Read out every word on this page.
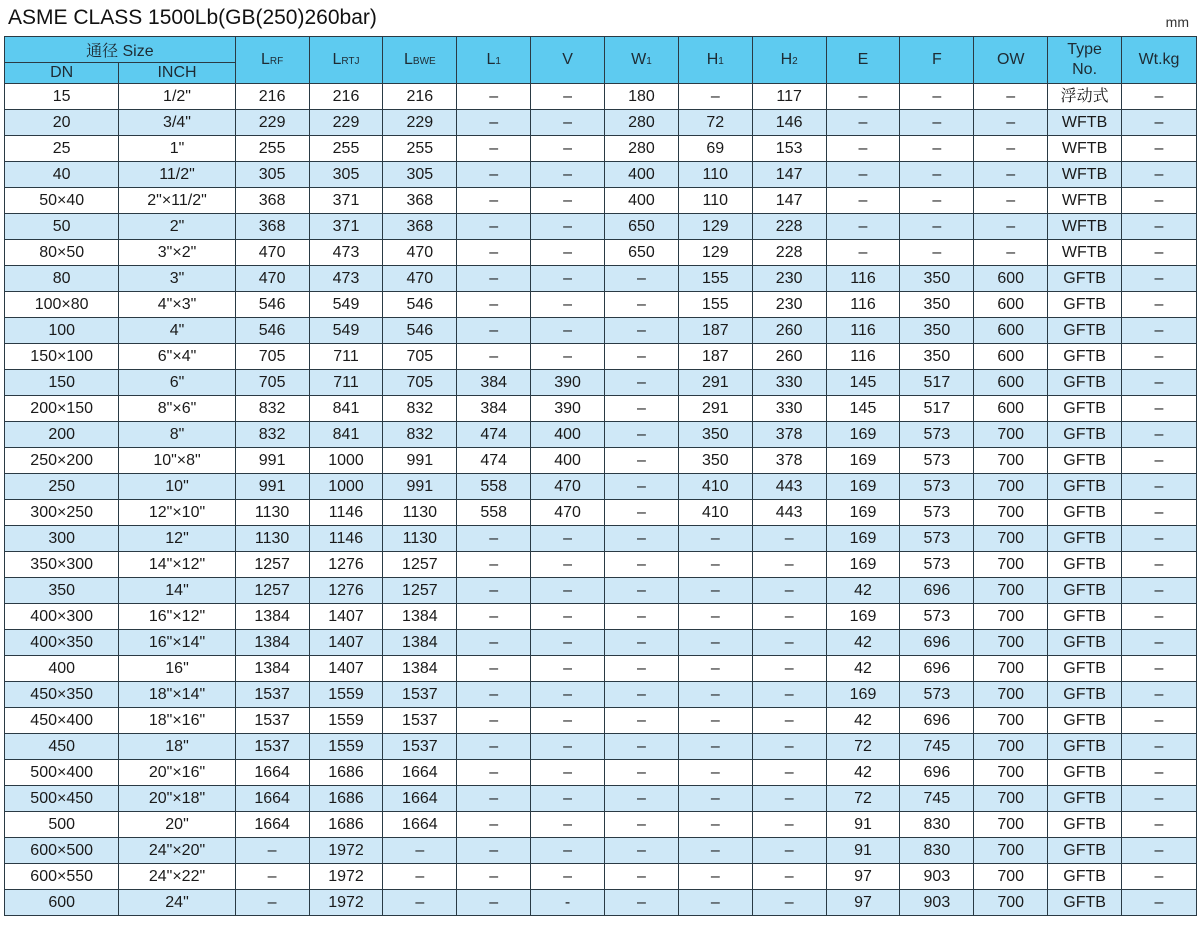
ASME CLASS 1500Lb(GB(250)260bar)	mm
通径 Size		LRF	LRTJ	LBWE	L1	V	W1	H1	H2	E	F	OW	Type
No.	Wt.kg
DN	INCH													
15	1/2"	216	216	216	–	–	180	–	117	–	–	–	浮动式	–
20	3/4"	229	229	229	–	–	280	72	146	–	–	–	WFTB	–
25	1"	255	255	255	–	–	280	69	153	–	–	–	WFTB	–
40	11/2"	305	305	305	–	–	400	110	147	–	–	–	WFTB	–
50×40	2"×11/2"	368	371	368	–	–	400	110	147	–	–	–	WFTB	–
50	2"	368	371	368	–	–	650	129	228	–	–	–	WFTB	–
80×50	3"×2"	470	473	470	–	–	650	129	228	–	–	–	WFTB	–
80	3"	470	473	470	–	–	–	155	230	116	350	600	GFTB	–
100×80	4"×3"	546	549	546	–	–	–	155	230	116	350	600	GFTB	–
100	4"	546	549	546	–	–	–	187	260	116	350	600	GFTB	–
150×100	6"×4"	705	711	705	–	–	–	187	260	116	350	600	GFTB	–
150	6"	705	711	705	384	390	–	291	330	145	517	600	GFTB	–
200×150	8"×6"	832	841	832	384	390	–	291	330	145	517	600	GFTB	–
200	8"	832	841	832	474	400	–	350	378	169	573	700	GFTB	–
250×200	10"×8"	991	1000	991	474	400	–	350	378	169	573	700	GFTB	–
250	10"	991	1000	991	558	470	–	410	443	169	573	700	GFTB	–
300×250	12"×10"	1130	1146	1130	558	470	–	410	443	169	573	700	GFTB	–
300	12"	1130	1146	1130	–	–	–	–	–	169	573	700	GFTB	–
350×300	14"×12"	1257	1276	1257	–	–	–	–	–	169	573	700	GFTB	–
350	14"	1257	1276	1257	–	–	–	–	–	42	696	700	GFTB	–
400×300	16"×12"	1384	1407	1384	–	–	–	–	–	169	573	700	GFTB	–
400×350	16"×14"	1384	1407	1384	–	–	–	–	–	42	696	700	GFTB	–
400	16"	1384	1407	1384	–	–	–	–	–	42	696	700	GFTB	–
450×350	18"×14"	1537	1559	1537	–	–	–	–	–	169	573	700	GFTB	–
450×400	18"×16"	1537	1559	1537	–	–	–	–	–	42	696	700	GFTB	–
450	18"	1537	1559	1537	–	–	–	–	–	72	745	700	GFTB	–
500×400	20"×16"	1664	1686	1664	–	–	–	–	–	42	696	700	GFTB	–
500×450	20"×18"	1664	1686	1664	–	–	–	–	–	72	745	700	GFTB	–
500	20"	1664	1686	1664	–	–	–	–	–	91	830	700	GFTB	–
600×500	24"×20"	–	1972	–	–	–	–	–	–	91	830	700	GFTB	–
600×550	24"×22"	–	1972	–	–	–	–	–	–	97	903	700	GFTB	–
600	24"	–	1972	–	–	-	–	–	–	97	903	700	GFTB	–
